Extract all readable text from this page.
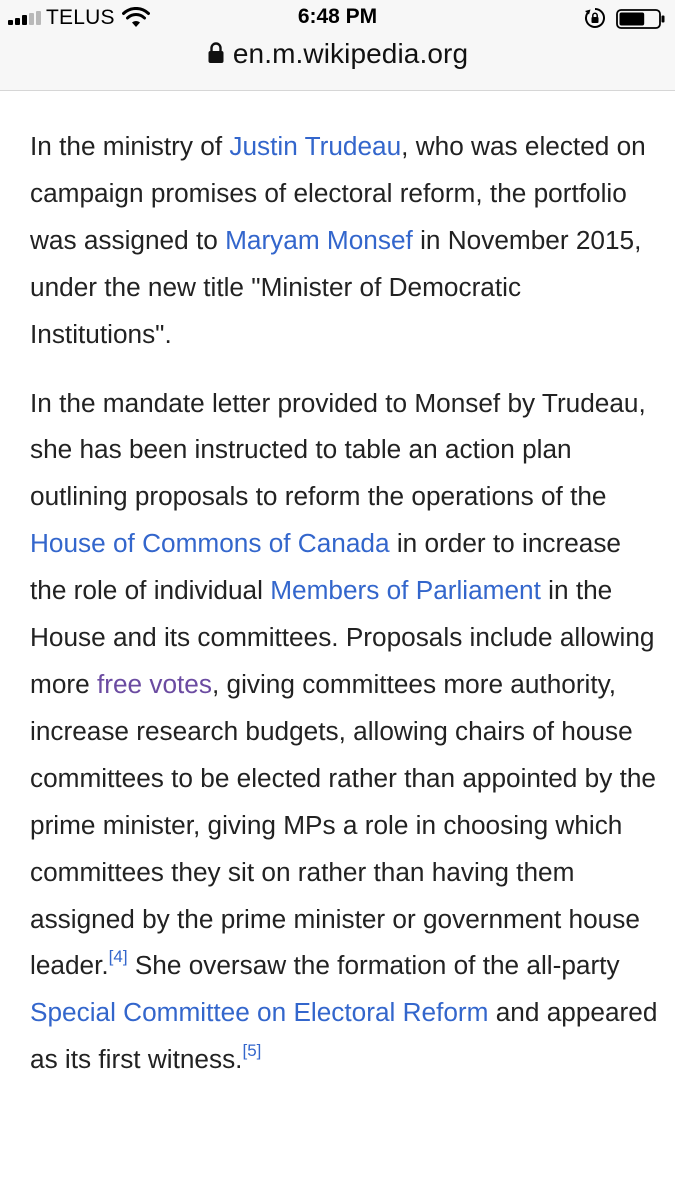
TELUS	6:48 PM
en.m.wikipedia.org

In the ministry of Justin Trudeau, who was elected on campaign promises of electoral reform, the portfolio was assigned to Maryam Monsef in November 2015, under the new title "Minister of Democratic Institutions".

In the mandate letter provided to Monsef by Trudeau, she has been instructed to table an action plan outlining proposals to reform the operations of the House of Commons of Canada in order to increase the role of individual Members of Parliament in the House and its committees. Proposals include allowing more free votes, giving committees more authority, increase research budgets, allowing chairs of house committees to be elected rather than appointed by the prime minister, giving MPs a role in choosing which committees they sit on rather than having them assigned by the prime minister or government house leader.[4] She oversaw the formation of the all-party Special Committee on Electoral Reform and appeared as its first witness.[5]
